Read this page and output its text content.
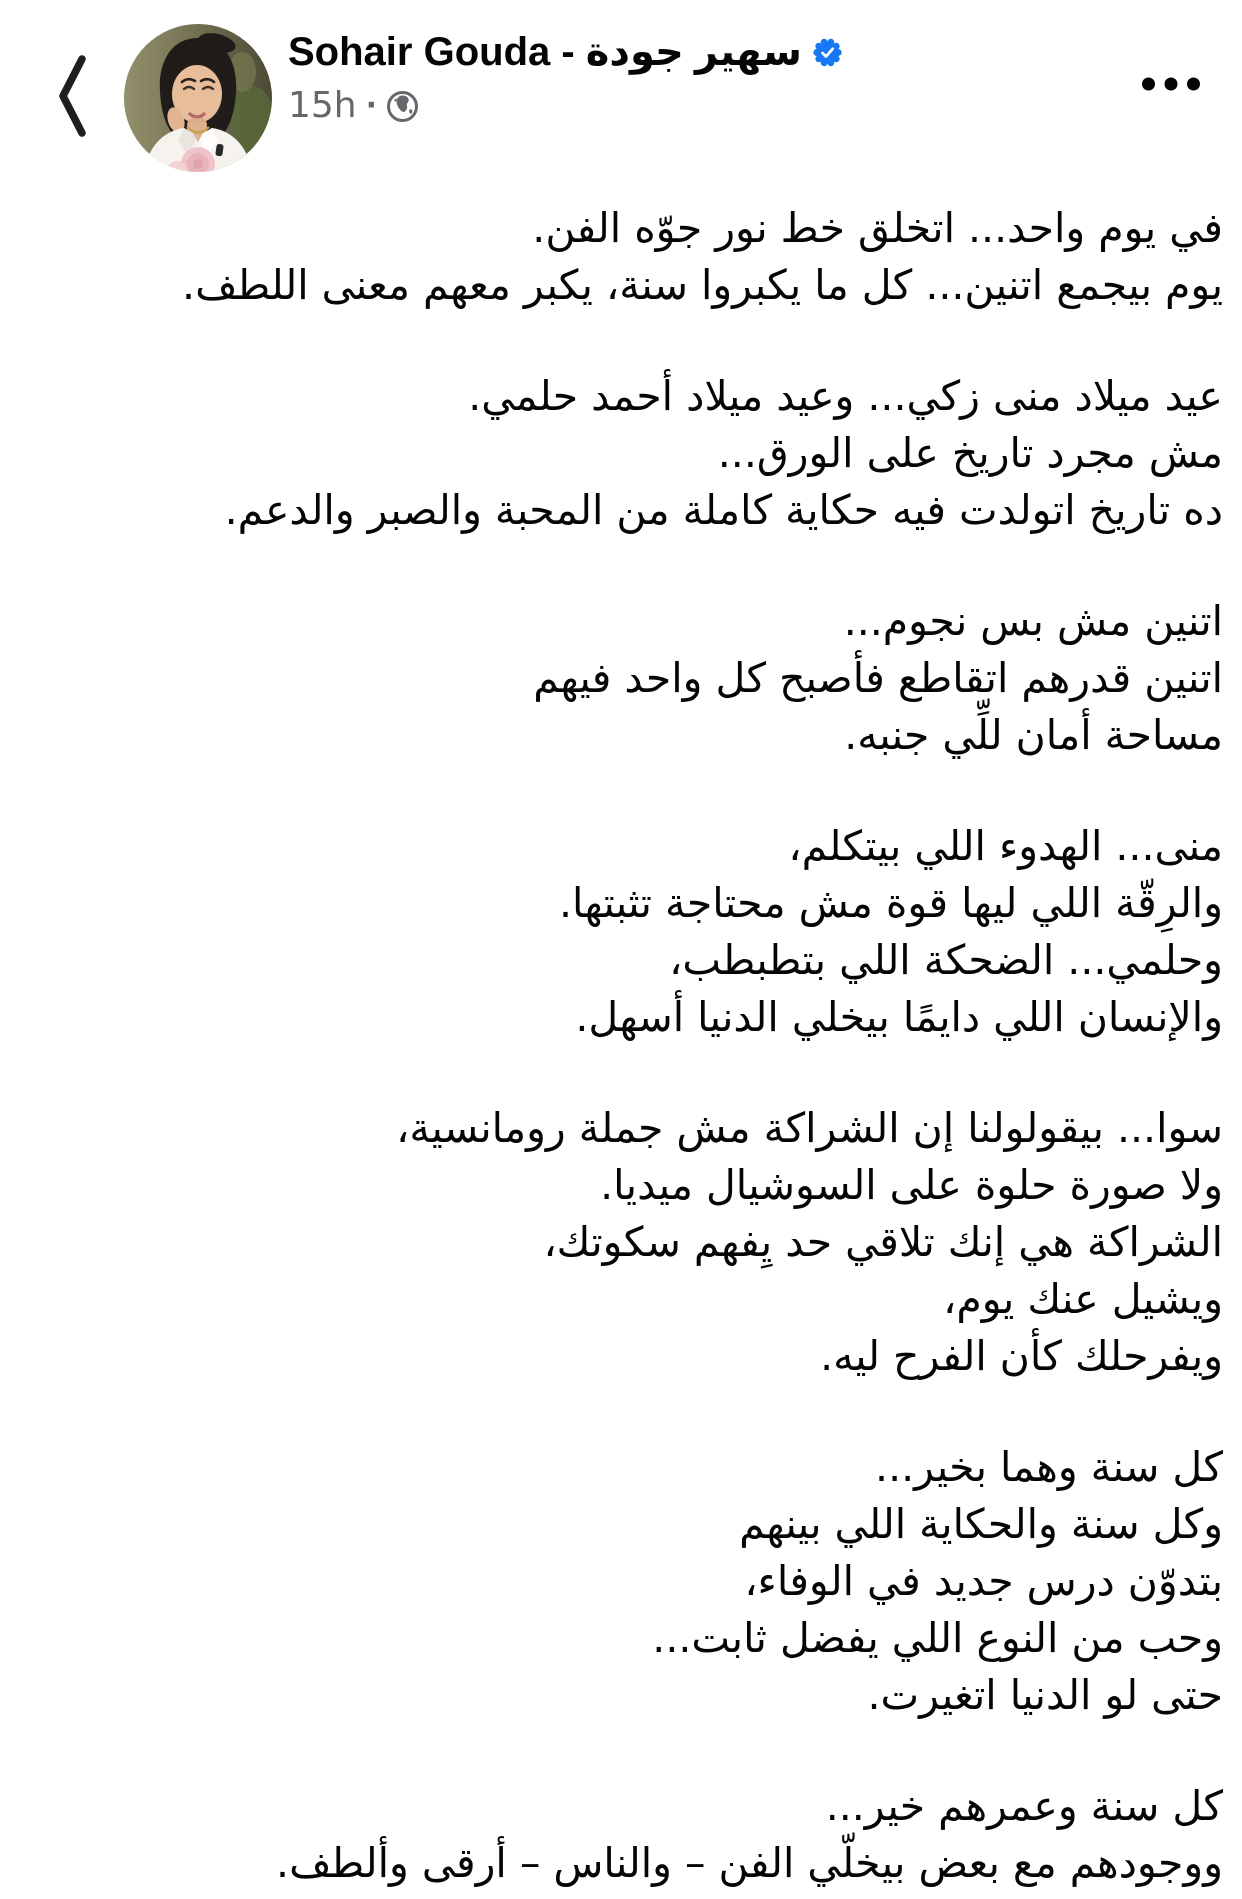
Sohair Gouda - سهير جودة
15h ·

في يوم واحد... اتخلق خط نور جوّه الفن.
يوم بيجمع اتنين... كل ما يكبروا سنة، يكبر معهم معنى اللطف.

عيد ميلاد منى زكي... وعيد ميلاد أحمد حلمي.
مش مجرد تاريخ على الورق...
ده تاريخ اتولدت فيه حكاية كاملة من المحبة والصبر والدعم.

اتنين مش بس نجوم...
اتنين قدرهم اتقاطع فأصبح كل واحد فيهم
مساحة أمان للِّي جنبه.

منى... الهدوء اللي بيتكلم،
والرِقّة اللي ليها قوة مش محتاجة تثبتها.
وحلمي... الضحكة اللي بتطبطب،
والإنسان اللي دايمًا بيخلي الدنيا أسهل.

سوا... بيقولولنا إن الشراكة مش جملة رومانسية،
ولا صورة حلوة على السوشيال ميديا.
الشراكة هي إنك تلاقي حد يِفهم سكوتك،
ويشيل عنك يوم،
ويفرحلك كأن الفرح ليه.

كل سنة وهما بخير...
وكل سنة والحكاية اللي بينهم
بتدوّن درس جديد في الوفاء،
وحب من النوع اللي يفضل ثابت...
حتى لو الدنيا اتغيرت.

كل سنة وعمرهم خير...
ووجودهم مع بعض بيخلّي الفن – والناس – أرقى وألطف.
